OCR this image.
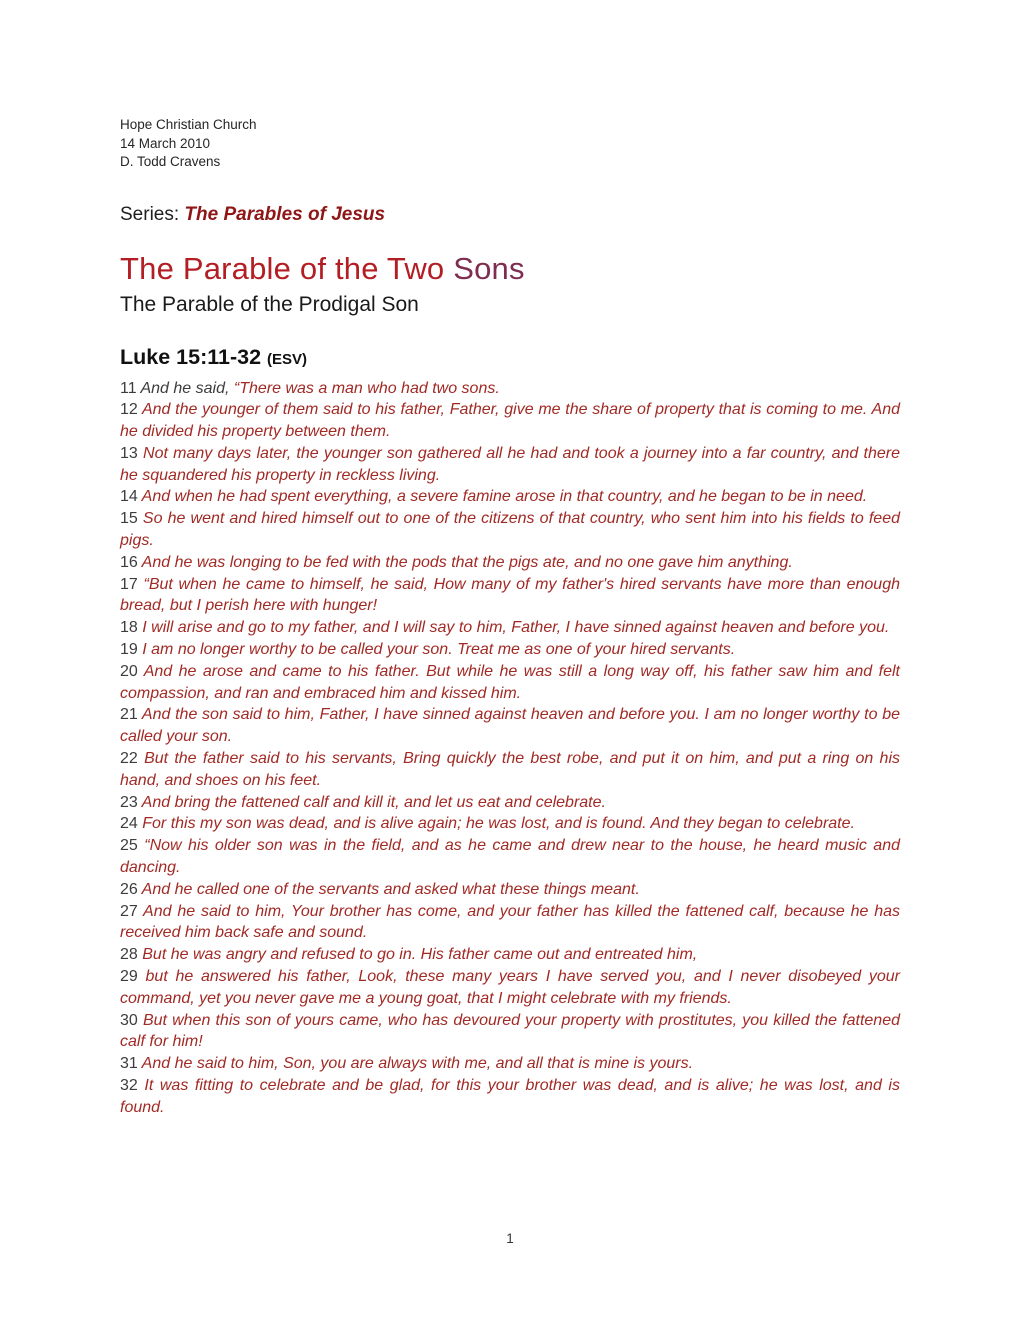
Hope Christian Church
14 March 2010
D. Todd Cravens
Series: The Parables of Jesus
The Parable of the Two Sons
The Parable of the Prodigal Son
Luke 15:11-32 (ESV)

11 And he said, “There was a man who had two sons.

12 And the younger of them said to his father, Father, give me the share of property that is coming to me. And he divided his property between them.

13 Not many days later, the younger son gathered all he had and took a journey into a far country, and there he squandered his property in reckless living.

14 And when he had spent everything, a severe famine arose in that country, and he began to be in need.

15 So he went and hired himself out to one of the citizens of that country, who sent him into his fields to feed pigs.

16 And he was longing to be fed with the pods that the pigs ate, and no one gave him anything.

17 “But when he came to himself, he said, How many of my father's hired servants have more than enough bread, but I perish here with hunger!

18 I will arise and go to my father, and I will say to him, Father, I have sinned against heaven and before you.

19 I am no longer worthy to be called your son. Treat me as one of your hired servants.

20 And he arose and came to his father. But while he was still a long way off, his father saw him and felt compassion, and ran and embraced him and kissed him.

21 And the son said to him, Father, I have sinned against heaven and before you. I am no longer worthy to be called your son.

22 But the father said to his servants, Bring quickly the best robe, and put it on him, and put a ring on his hand, and shoes on his feet.

23 And bring the fattened calf and kill it, and let us eat and celebrate.

24 For this my son was dead, and is alive again; he was lost, and is found. And they began to celebrate.

25 “Now his older son was in the field, and as he came and drew near to the house, he heard music and dancing.

26 And he called one of the servants and asked what these things meant.

27 And he said to him, Your brother has come, and your father has killed the fattened calf, because he has received him back safe and sound.

28 But he was angry and refused to go in. His father came out and entreated him,

29 but he answered his father, Look, these many years I have served you, and I never disobeyed your command, yet you never gave me a young goat, that I might celebrate with my friends.

30 But when this son of yours came, who has devoured your property with prostitutes, you killed the fattened calf for him!

31 And he said to him, Son, you are always with me, and all that is mine is yours.

32 It was fitting to celebrate and be glad, for this your brother was dead, and is alive; he was lost, and is found.

1
